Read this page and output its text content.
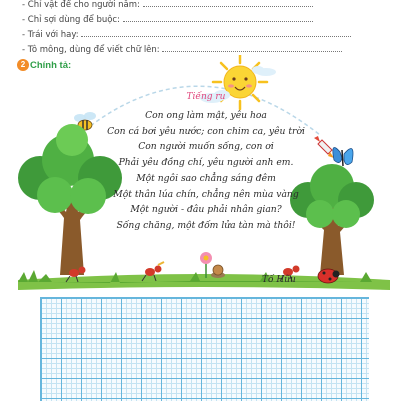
- Chỉ vật để cho người nằm:
- Chỉ sợi dùng để buộc:
- Trái với hay:
- Tô mông, dùng để viết chữ lên:
2 Chính tả:
Tiếng ru
Con ong làm mật, yêu hoa
Con cá bơi yêu nước; con chim ca, yêu trời
Con người muốn sống, con ơi
Phải yêu đồng chí, yêu người anh em.
Một ngôi sao chẳng sáng đêm
Một thân lúa chín, chẳng nên mùa vàng
Một người - đâu phải nhân gian?
Sống chăng, một đốm lửa tàn mà thôi!
Tố Hữu
